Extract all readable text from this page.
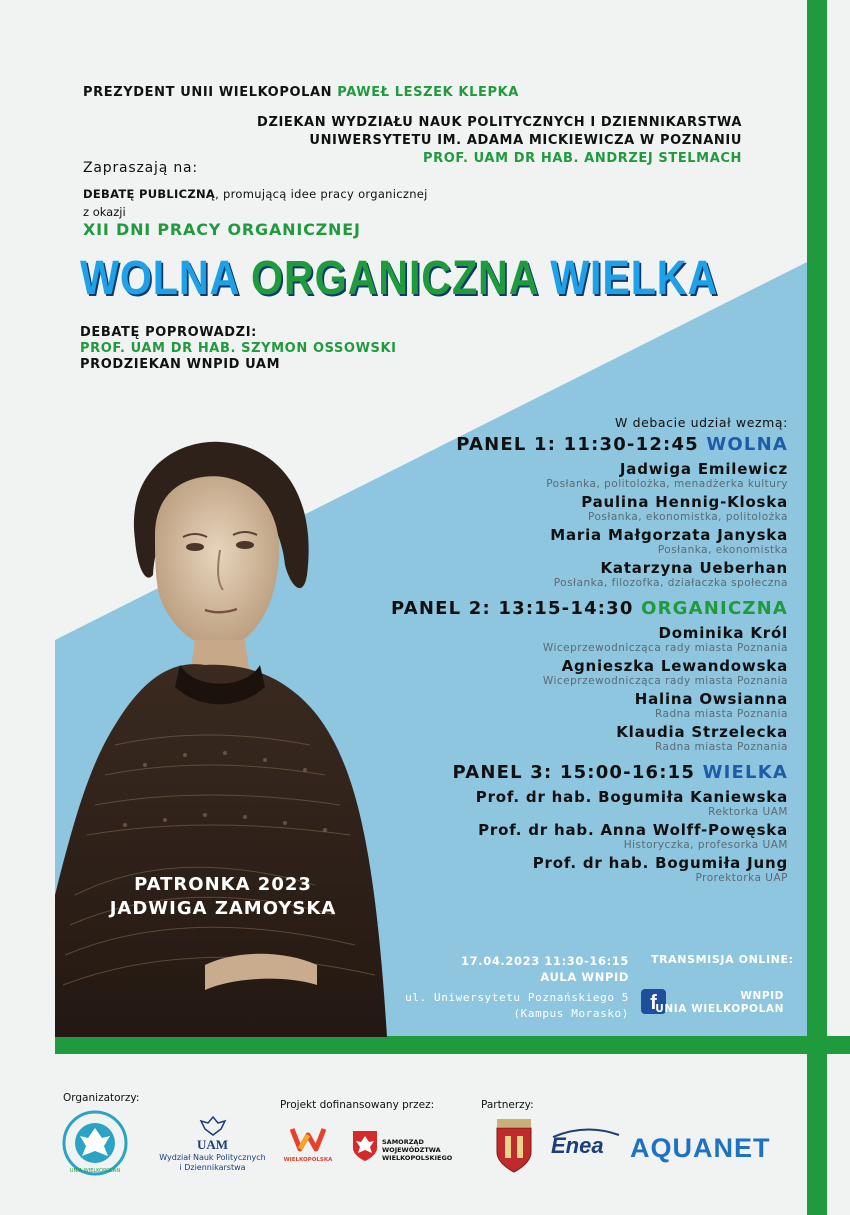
PREZYDENT UNII WIELKOPOLAN PAWEŁ LESZEK KLEPKA
DZIEKAN WYDZIAŁU NAUK POLITYCZNYCH I DZIENNIKARSTWA
UNIWERSYTETU IM. ADAMA MICKIEWICZA W POZNANIU
PROF. UAM DR HAB. ANDRZEJ STELMACH
Zapraszają na:
DEBATĘ PUBLICZNĄ, promującą idee pracy organicznej
z okazji
XII DNI PRACY ORGANICZNEJ
WOLNA ORGANICZNA WIELKA
DEBATĘ POPROWADZI:
PROF. UAM DR HAB. SZYMON OSSOWSKI
PRODZIEKAN WNPID UAM
PATRONKA 2023
JADWIGA ZAMOYSKA
W debacie udział wezmą:
PANEL 1: 11:30-12:45 WOLNA
Jadwiga Emilewicz
Posłanka, politolożka, menadżerka kultury
Paulina Hennig-Kloska
Posłanka, ekonomistka, politolożka
Maria Małgorzata Janyska
Posłanka, ekonomistka
Katarzyna Ueberhan
Posłanka, filozofka, działaczka społeczna
PANEL 2: 13:15-14:30 ORGANICZNA
Dominika Król
Wiceprzewodnicząca rady miasta Poznania
Agnieszka Lewandowska
Wiceprzewodnicząca rady miasta Poznania
Halina Owsianna
Radna miasta Poznania
Klaudia Strzelecka
Radna miasta Poznania
PANEL 3: 15:00-16:15 WIELKA
Prof. dr hab. Bogumiła Kaniewska
Rektorka UAM
Prof. dr hab. Anna Wolff-Powęska
Historyczka, profesorka UAM
Prof. dr hab. Bogumiła Jung
Prorektorka UAP
17.04.2023 11:30-16:15
AULA WNPID
ul. Uniwersytetu Poznańskiego 5
(Kampus Morasko)
TRANSMISJA ONLINE:
f	WNPID
UNIA WIELKOPOLAN
Organizatorzy:
Projekt dofinansowany przez:	Partnerzy:
UNIA WIELKOPOLAN
UAM
Wydział Nauk Politycznych
i Dziennikarstwa
WIELKOPOLSKA
SAMORZĄD WOJEWÓDZTWA
WIELKOPOLSKIEGO	Enea AQUANET
